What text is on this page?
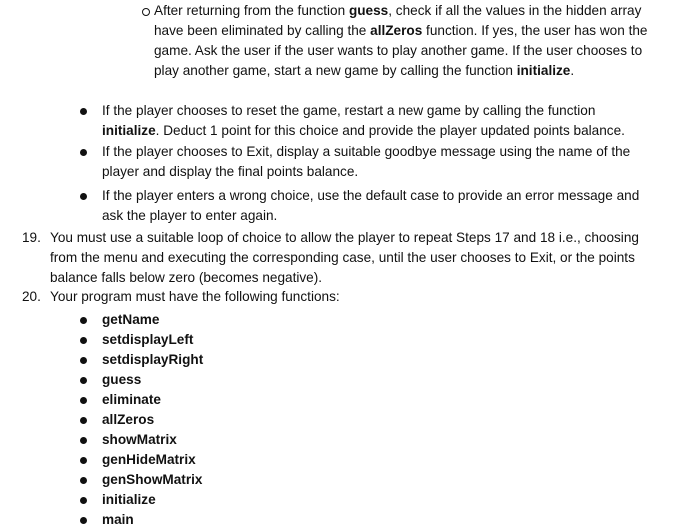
After returning from the function guess, check if all the values in the hidden array
have been eliminated by calling the allZeros function. If yes, the user has won the
game. Ask the user if the user wants to play another game. If the user chooses to
play another game, start a new game by calling the function initialize.
If the player chooses to reset the game, restart a new game by calling the function
initialize. Deduct 1 point for this choice and provide the player updated points balance.
If the player chooses to Exit, display a suitable goodbye message using the name of the
player and display the final points balance.
If the player enters a wrong choice, use the default case to provide an error message and
ask the player to enter again.
19. You must use a suitable loop of choice to allow the player to repeat Steps 17 and 18 i.e., choosing
from the menu and executing the corresponding case, until the user chooses to Exit, or the points
balance falls below zero (becomes negative).
20. Your program must have the following functions:
getName
setdisplayLeft
setdisplayRight
guess
eliminate
allZeros
showMatrix
genHideMatrix
genShowMatrix
initialize
main
